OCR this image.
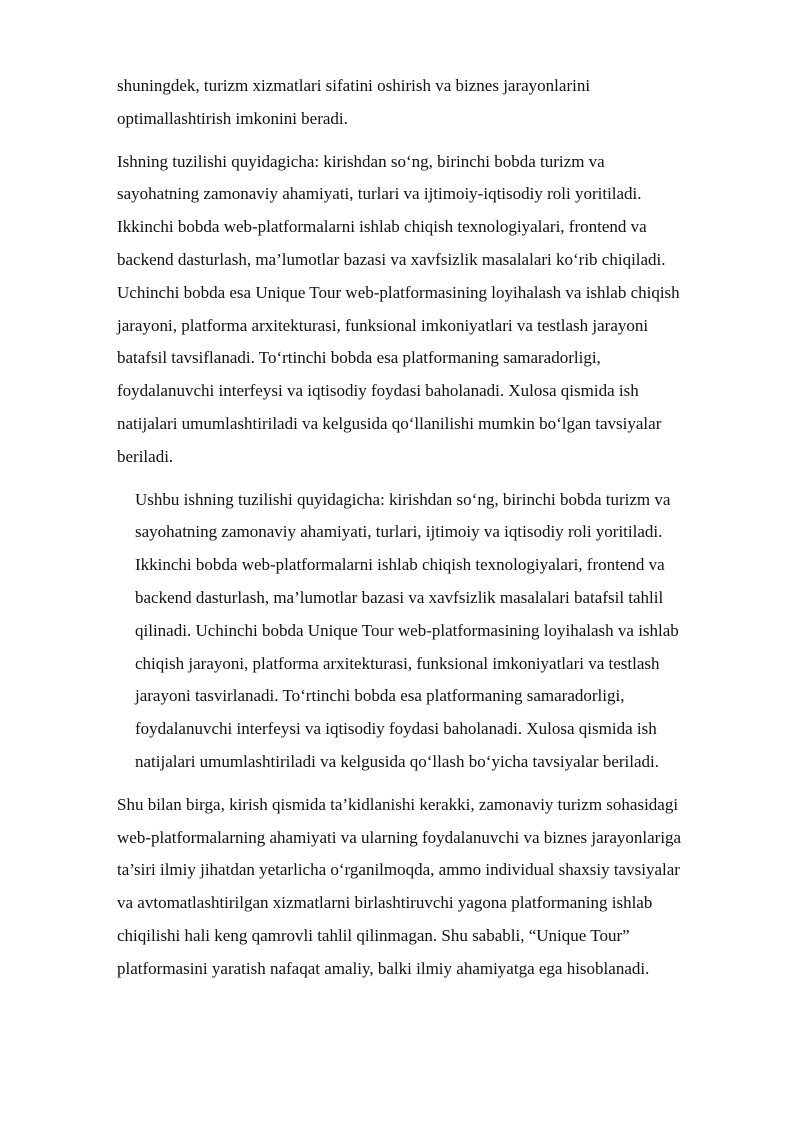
shuningdek, turizm xizmatlari sifatini oshirish va biznes jarayonlarini
optimallashtirish imkonini beradi.

Ishning tuzilishi quyidagicha: kirishdan so‘ng, birinchi bobda turizm va
sayohatning zamonaviy ahamiyati, turlari va ijtimoiy-iqtisodiy roli yoritiladi.
Ikkinchi bobda web-platformalarni ishlab chiqish texnologiyalari, frontend va
backend dasturlash, ma’lumotlar bazasi va xavfsizlik masalalari ko‘rib chiqiladi.
Uchinchi bobda esa Unique Tour web-platformasining loyihalash va ishlab chiqish
jarayoni, platforma arxitekturasi, funksional imkoniyatlari va testlash jarayoni
batafsil tavsiflanadi. To‘rtinchi bobda esa platformaning samaradorligi,
foydalanuvchi interfeysi va iqtisodiy foydasi baholanadi. Xulosa qismida ish
natijalari umumlashtiriladi va kelgusida qo‘llanilishi mumkin bo‘lgan tavsiyalar
beriladi.

Ushbu ishning tuzilishi quyidagicha: kirishdan so‘ng, birinchi bobda turizm va
sayohatning zamonaviy ahamiyati, turlari, ijtimoiy va iqtisodiy roli yoritiladi.
Ikkinchi bobda web-platformalarni ishlab chiqish texnologiyalari, frontend va
backend dasturlash, ma’lumotlar bazasi va xavfsizlik masalalari batafsil tahlil
qilinadi. Uchinchi bobda Unique Tour web-platformasining loyihalash va ishlab
chiqish jarayoni, platforma arxitekturasi, funksional imkoniyatlari va testlash
jarayoni tasvirlanadi. To‘rtinchi bobda esa platformaning samaradorligi,
foydalanuvchi interfeysi va iqtisodiy foydasi baholanadi. Xulosa qismida ish
natijalari umumlashtiriladi va kelgusida qo‘llash bo‘yicha tavsiyalar beriladi.

Shu bilan birga, kirish qismida ta’kidlanishi kerakki, zamonaviy turizm sohasidagi
web-platformalarning ahamiyati va ularning foydalanuvchi va biznes jarayonlariga
ta’siri ilmiy jihatdan yetarlicha o‘rganilmoqda, ammo individual shaxsiy tavsiyalar
va avtomatlashtirilgan xizmatlarni birlashtiruvchi yagona platformaning ishlab
chiqilishi hali keng qamrovli tahlil qilinmagan. Shu sababli, “Unique Tour”
platformasini yaratish nafaqat amaliy, balki ilmiy ahamiyatga ega hisoblanadi.
